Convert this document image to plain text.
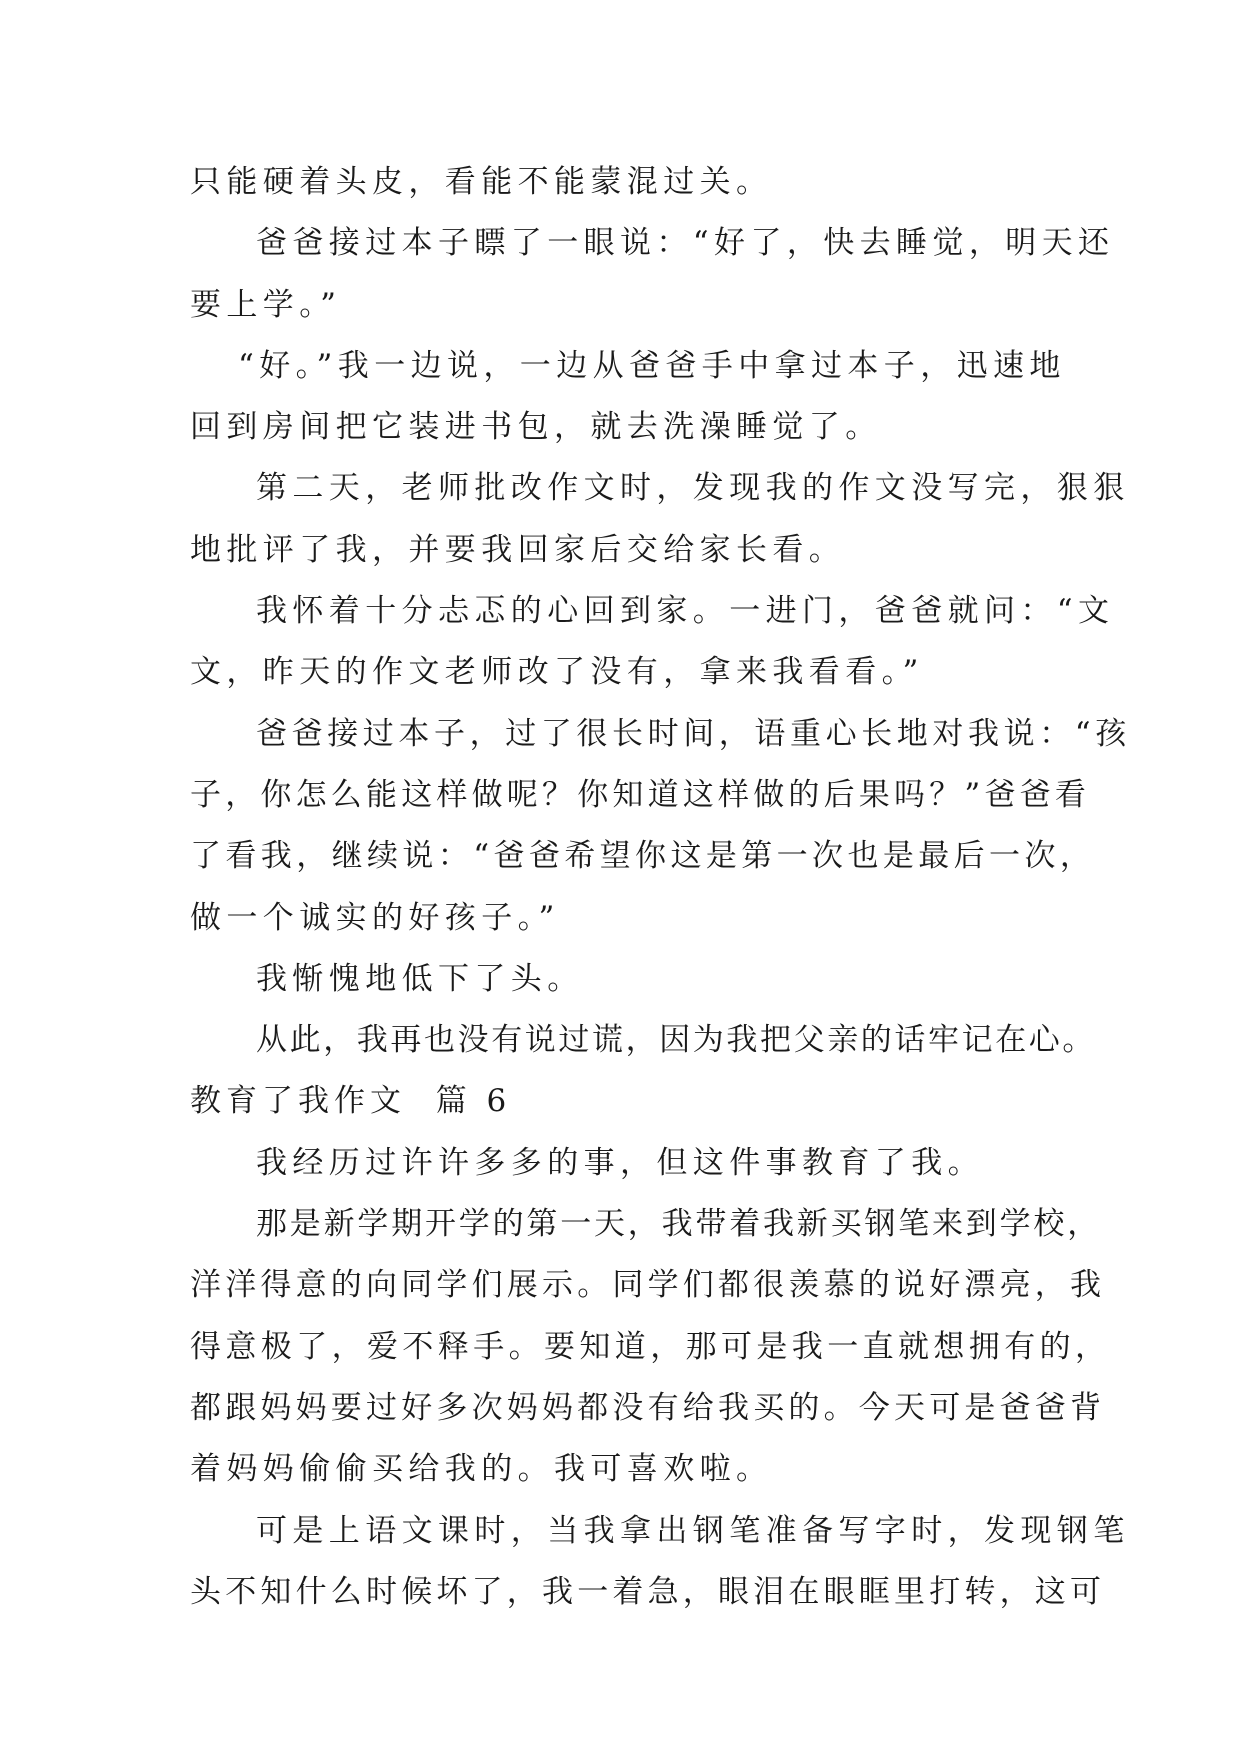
只能硬着头皮，看能不能蒙混过关。
爸爸接过本子瞟了一眼说：“好了，快去睡觉，明天还
要上学。”
“好。”我一边说，一边从爸爸手中拿过本子，迅速地
回到房间把它装进书包，就去洗澡睡觉了。
第二天，老师批改作文时，发现我的作文没写完，狠狠
地批评了我，并要我回家后交给家长看。
我怀着十分忐忑的心回到家。一进门，爸爸就问：“文
文，昨天的作文老师改了没有，拿来我看看。”
爸爸接过本子，过了很长时间，语重心长地对我说：“孩
子，你怎么能这样做呢？你知道这样做的后果吗？”爸爸看
了看我，继续说：“爸爸希望你这是第一次也是最后一次，
做一个诚实的好孩子。”
我惭愧地低下了头。
从此，我再也没有说过谎，因为我把父亲的话牢记在心。
教育了我作文  篇 6
我经历过许许多多的事，但这件事教育了我。
那是新学期开学的第一天，我带着我新买钢笔来到学校，
洋洋得意的向同学们展示。同学们都很羡慕的说好漂亮，我
得意极了，爱不释手。要知道，那可是我一直就想拥有的，
都跟妈妈要过好多次妈妈都没有给我买的。今天可是爸爸背
着妈妈偷偷买给我的。我可喜欢啦。
可是上语文课时，当我拿出钢笔准备写字时，发现钢笔
头不知什么时候坏了，我一着急，眼泪在眼眶里打转，这可
